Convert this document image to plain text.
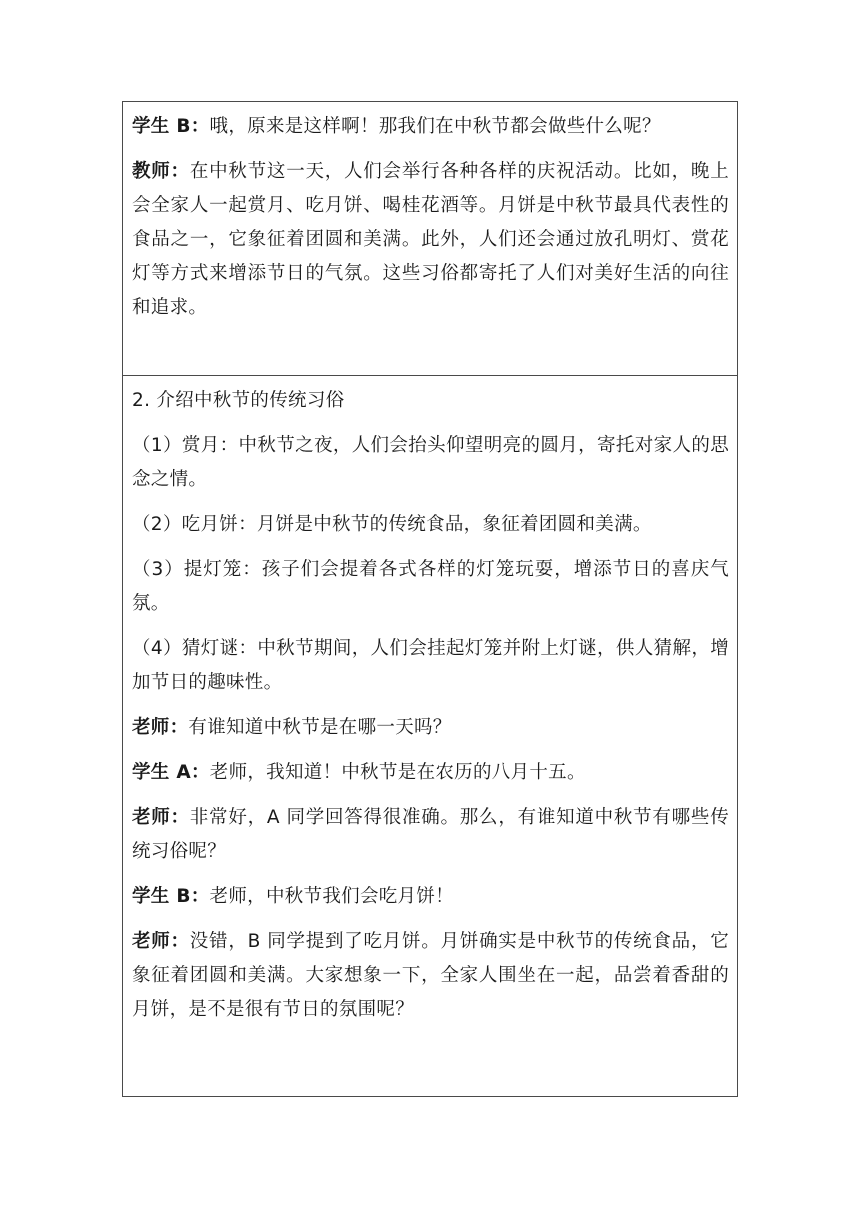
学生 B：哦，原来是这样啊！那我们在中秋节都会做些什么呢？

教师：在中秋节这一天，人们会举行各种各样的庆祝活动。比如，晚上会全家人一起赏月、吃月饼、喝桂花酒等。月饼是中秋节最具代表性的食品之一，它象征着团圆和美满。此外，人们还会通过放孔明灯、赏花灯等方式来增添节日的气氛。这些习俗都寄托了人们对美好生活的向往和追求。

2. 介绍中秋节的传统习俗

（1）赏月：中秋节之夜，人们会抬头仰望明亮的圆月，寄托对家人的思念之情。

（2）吃月饼：月饼是中秋节的传统食品，象征着团圆和美满。

（3）提灯笼：孩子们会提着各式各样的灯笼玩耍，增添节日的喜庆气氛。

（4）猜灯谜：中秋节期间，人们会挂起灯笼并附上灯谜，供人猜解，增加节日的趣味性。

老师：有谁知道中秋节是在哪一天吗？

学生 A：老师，我知道！中秋节是在农历的八月十五。

老师：非常好，A 同学回答得很准确。那么，有谁知道中秋节有哪些传统习俗呢？

学生 B：老师，中秋节我们会吃月饼！

老师：没错，B 同学提到了吃月饼。月饼确实是中秋节的传统食品，它象征着团圆和美满。大家想象一下，全家人围坐在一起，品尝着香甜的月饼，是不是很有节日的氛围呢？
